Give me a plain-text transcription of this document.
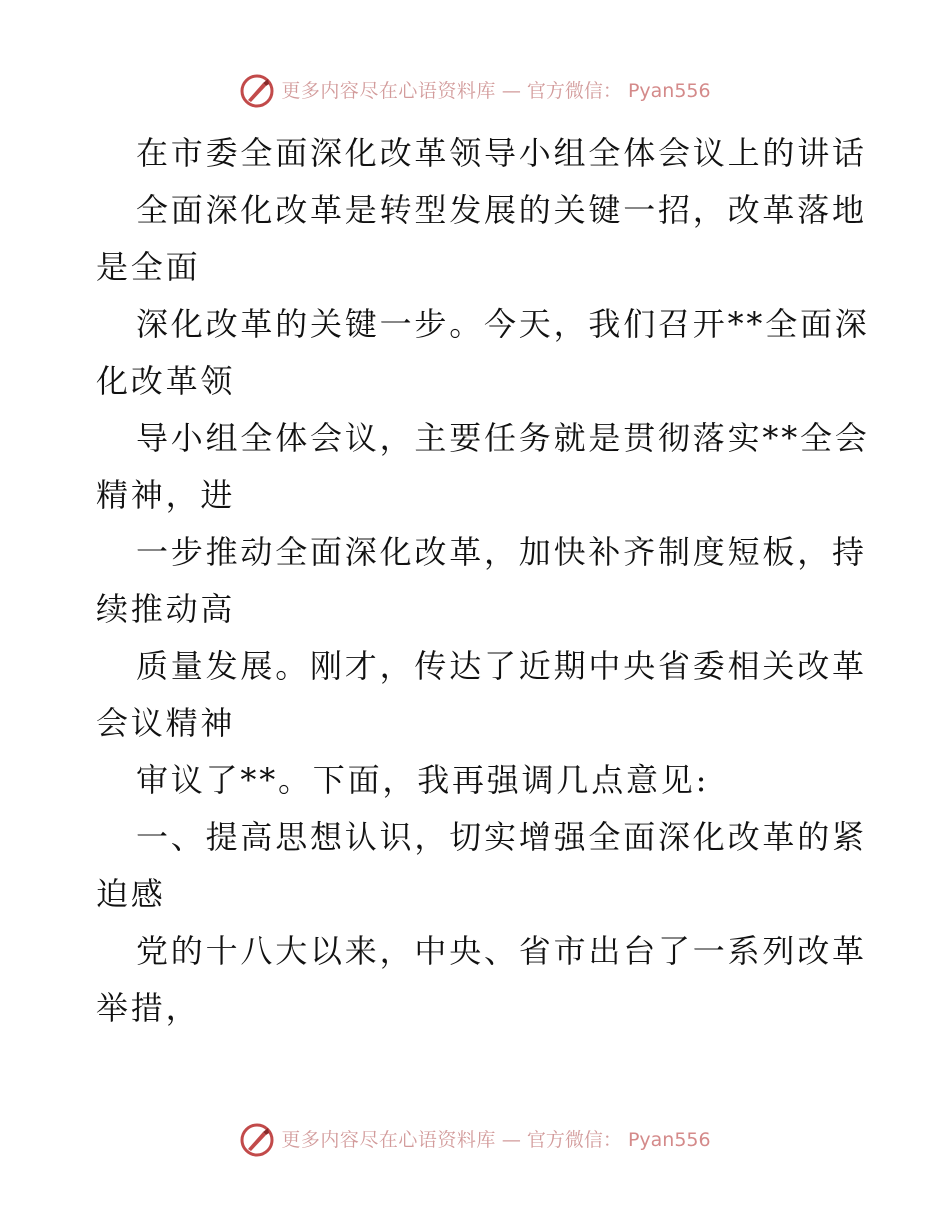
更多内容尽在心语资料库 — 官方微信： Pyan556
在市委全面深化改革领导小组全体会议上的讲话
全面深化改革是转型发展的关键一招，改革落地
是全面
深化改革的关键一步。今天，我们召开**全面深
化改革领
导小组全体会议，主要任务就是贯彻落实**全会
精神，进
一步推动全面深化改革，加快补齐制度短板，持
续推动高
质量发展。刚才，传达了近期中央省委相关改革
会议精神
审议了**。下面，我再强调几点意见:
一、提高思想认识，切实增强全面深化改革的紧
迫感
党的十八大以来，中央、省市出台了一系列改革
举措，
更多内容尽在心语资料库 — 官方微信： Pyan556
